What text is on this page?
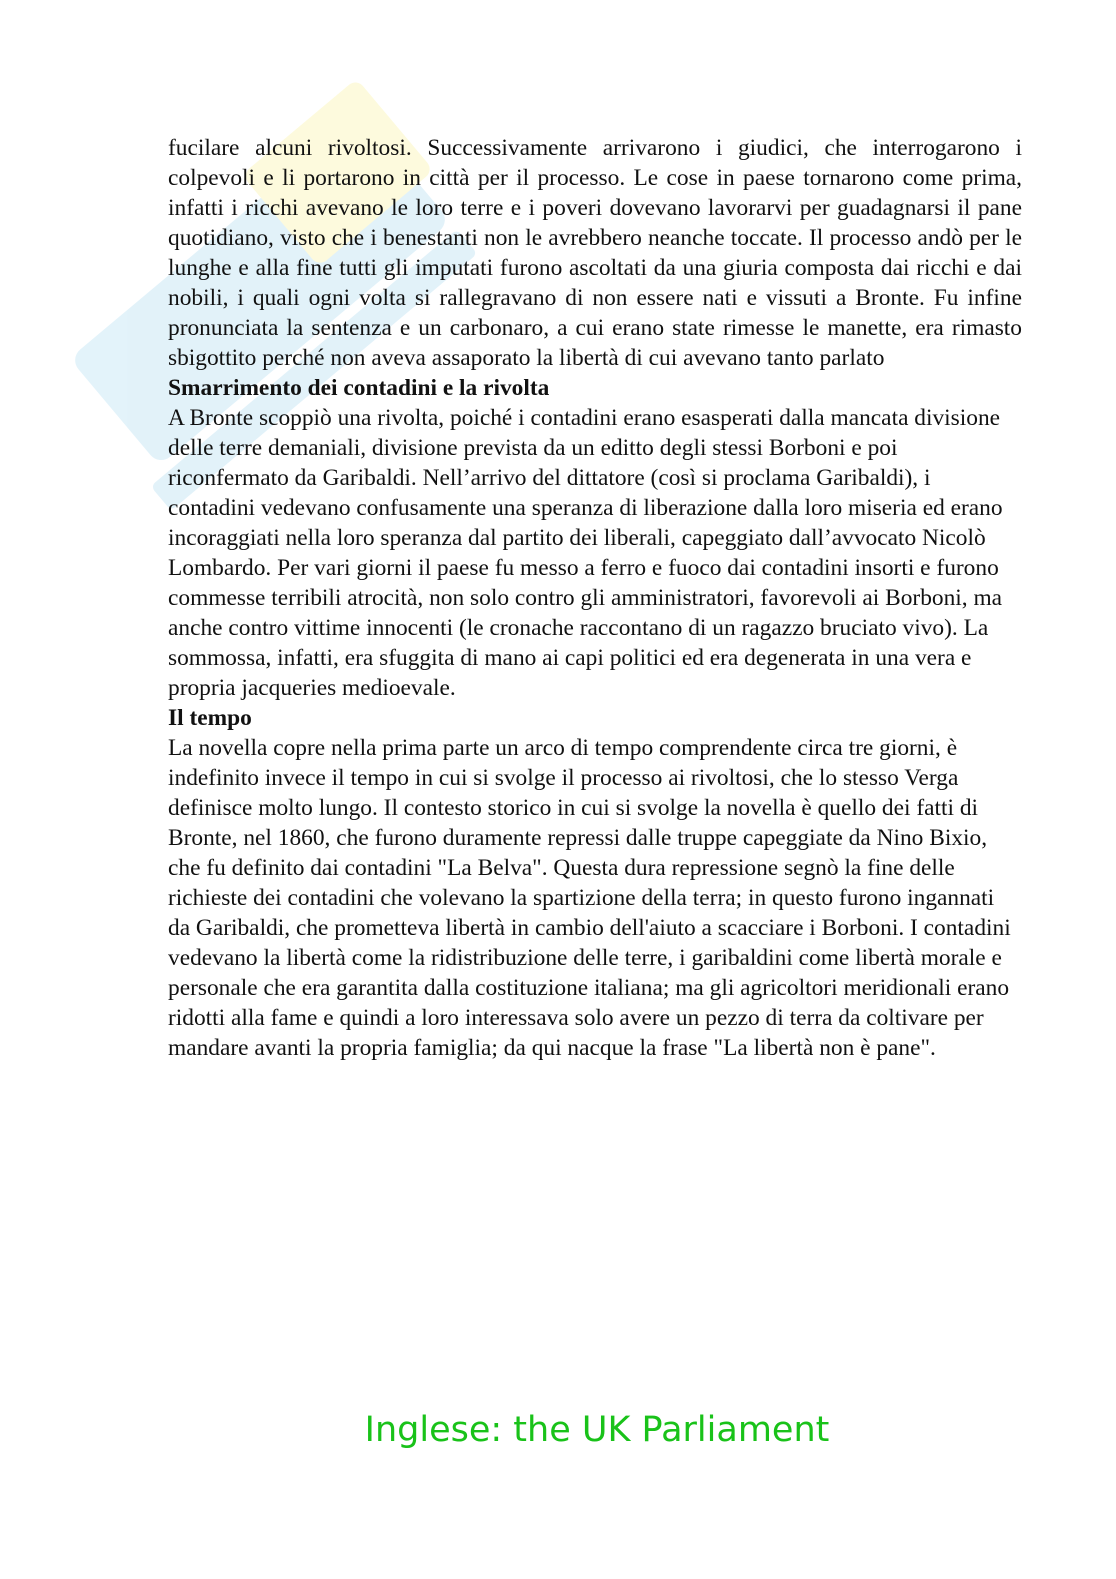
fucilare alcuni rivoltosi. Successivamente arrivarono i giudici, che interrogarono i colpevoli e li portarono in città per il processo. Le cose in paese tornarono come prima, infatti i ricchi avevano le loro terre e i poveri dovevano lavorarvi per guadagnarsi il pane quotidiano, visto che i benestanti non le avrebbero neanche toccate. Il processo andò per le lunghe e alla fine tutti gli imputati furono ascoltati da una giuria composta dai ricchi e dai nobili, i quali ogni volta si rallegravano di non essere nati e vissuti a Bronte. Fu infine pronunciata la sentenza e un carbonaro, a cui erano state rimesse le manette, era rimasto sbigottito perché non aveva assaporato la libertà di cui avevano tanto parlato

Smarrimento dei contadini e la rivolta

A Bronte scoppiò una rivolta, poiché i contadini erano esasperati dalla mancata divisione delle terre demaniali, divisione prevista da un editto degli stessi Borboni e poi riconfermato da Garibaldi. Nell’arrivo del dittatore (così si proclama Garibaldi), i contadini vedevano confusamente una speranza di liberazione dalla loro miseria ed erano incoraggiati nella loro speranza dal partito dei liberali, capeggiato dall’avvocato Nicolò Lombardo. Per vari giorni il paese fu messo a ferro e fuoco dai contadini insorti e furono commesse terribili atrocità, non solo contro gli amministratori, favorevoli ai Borboni, ma anche contro vittime innocenti (le cronache raccontano di un ragazzo bruciato vivo). La sommossa, infatti, era sfuggita di mano ai capi politici ed era degenerata in una vera e propria jacqueries medioevale.

Il tempo

La novella copre nella prima parte un arco di tempo comprendente circa tre giorni, è indefinito invece il tempo in cui si svolge il processo ai rivoltosi, che lo stesso Verga definisce molto lungo. Il contesto storico in cui si svolge la novella è quello dei fatti di Bronte, nel 1860, che furono duramente repressi dalle truppe capeggiate da Nino Bixio, che fu definito dai contadini "La Belva". Questa dura repressione segnò la fine delle richieste dei contadini che volevano la spartizione della terra; in questo furono ingannati da Garibaldi, che prometteva libertà in cambio dell'aiuto a scacciare i Borboni. I contadini vedevano la libertà come la ridistribuzione delle terre, i garibaldini come libertà morale e personale che era garantita dalla costituzione italiana; ma gli agricoltori meridionali erano ridotti alla fame e quindi a loro interessava solo avere un pezzo di terra da coltivare per mandare avanti la propria famiglia; da qui nacque la frase "La libertà non è pane".

Inglese: the UK Parliament
